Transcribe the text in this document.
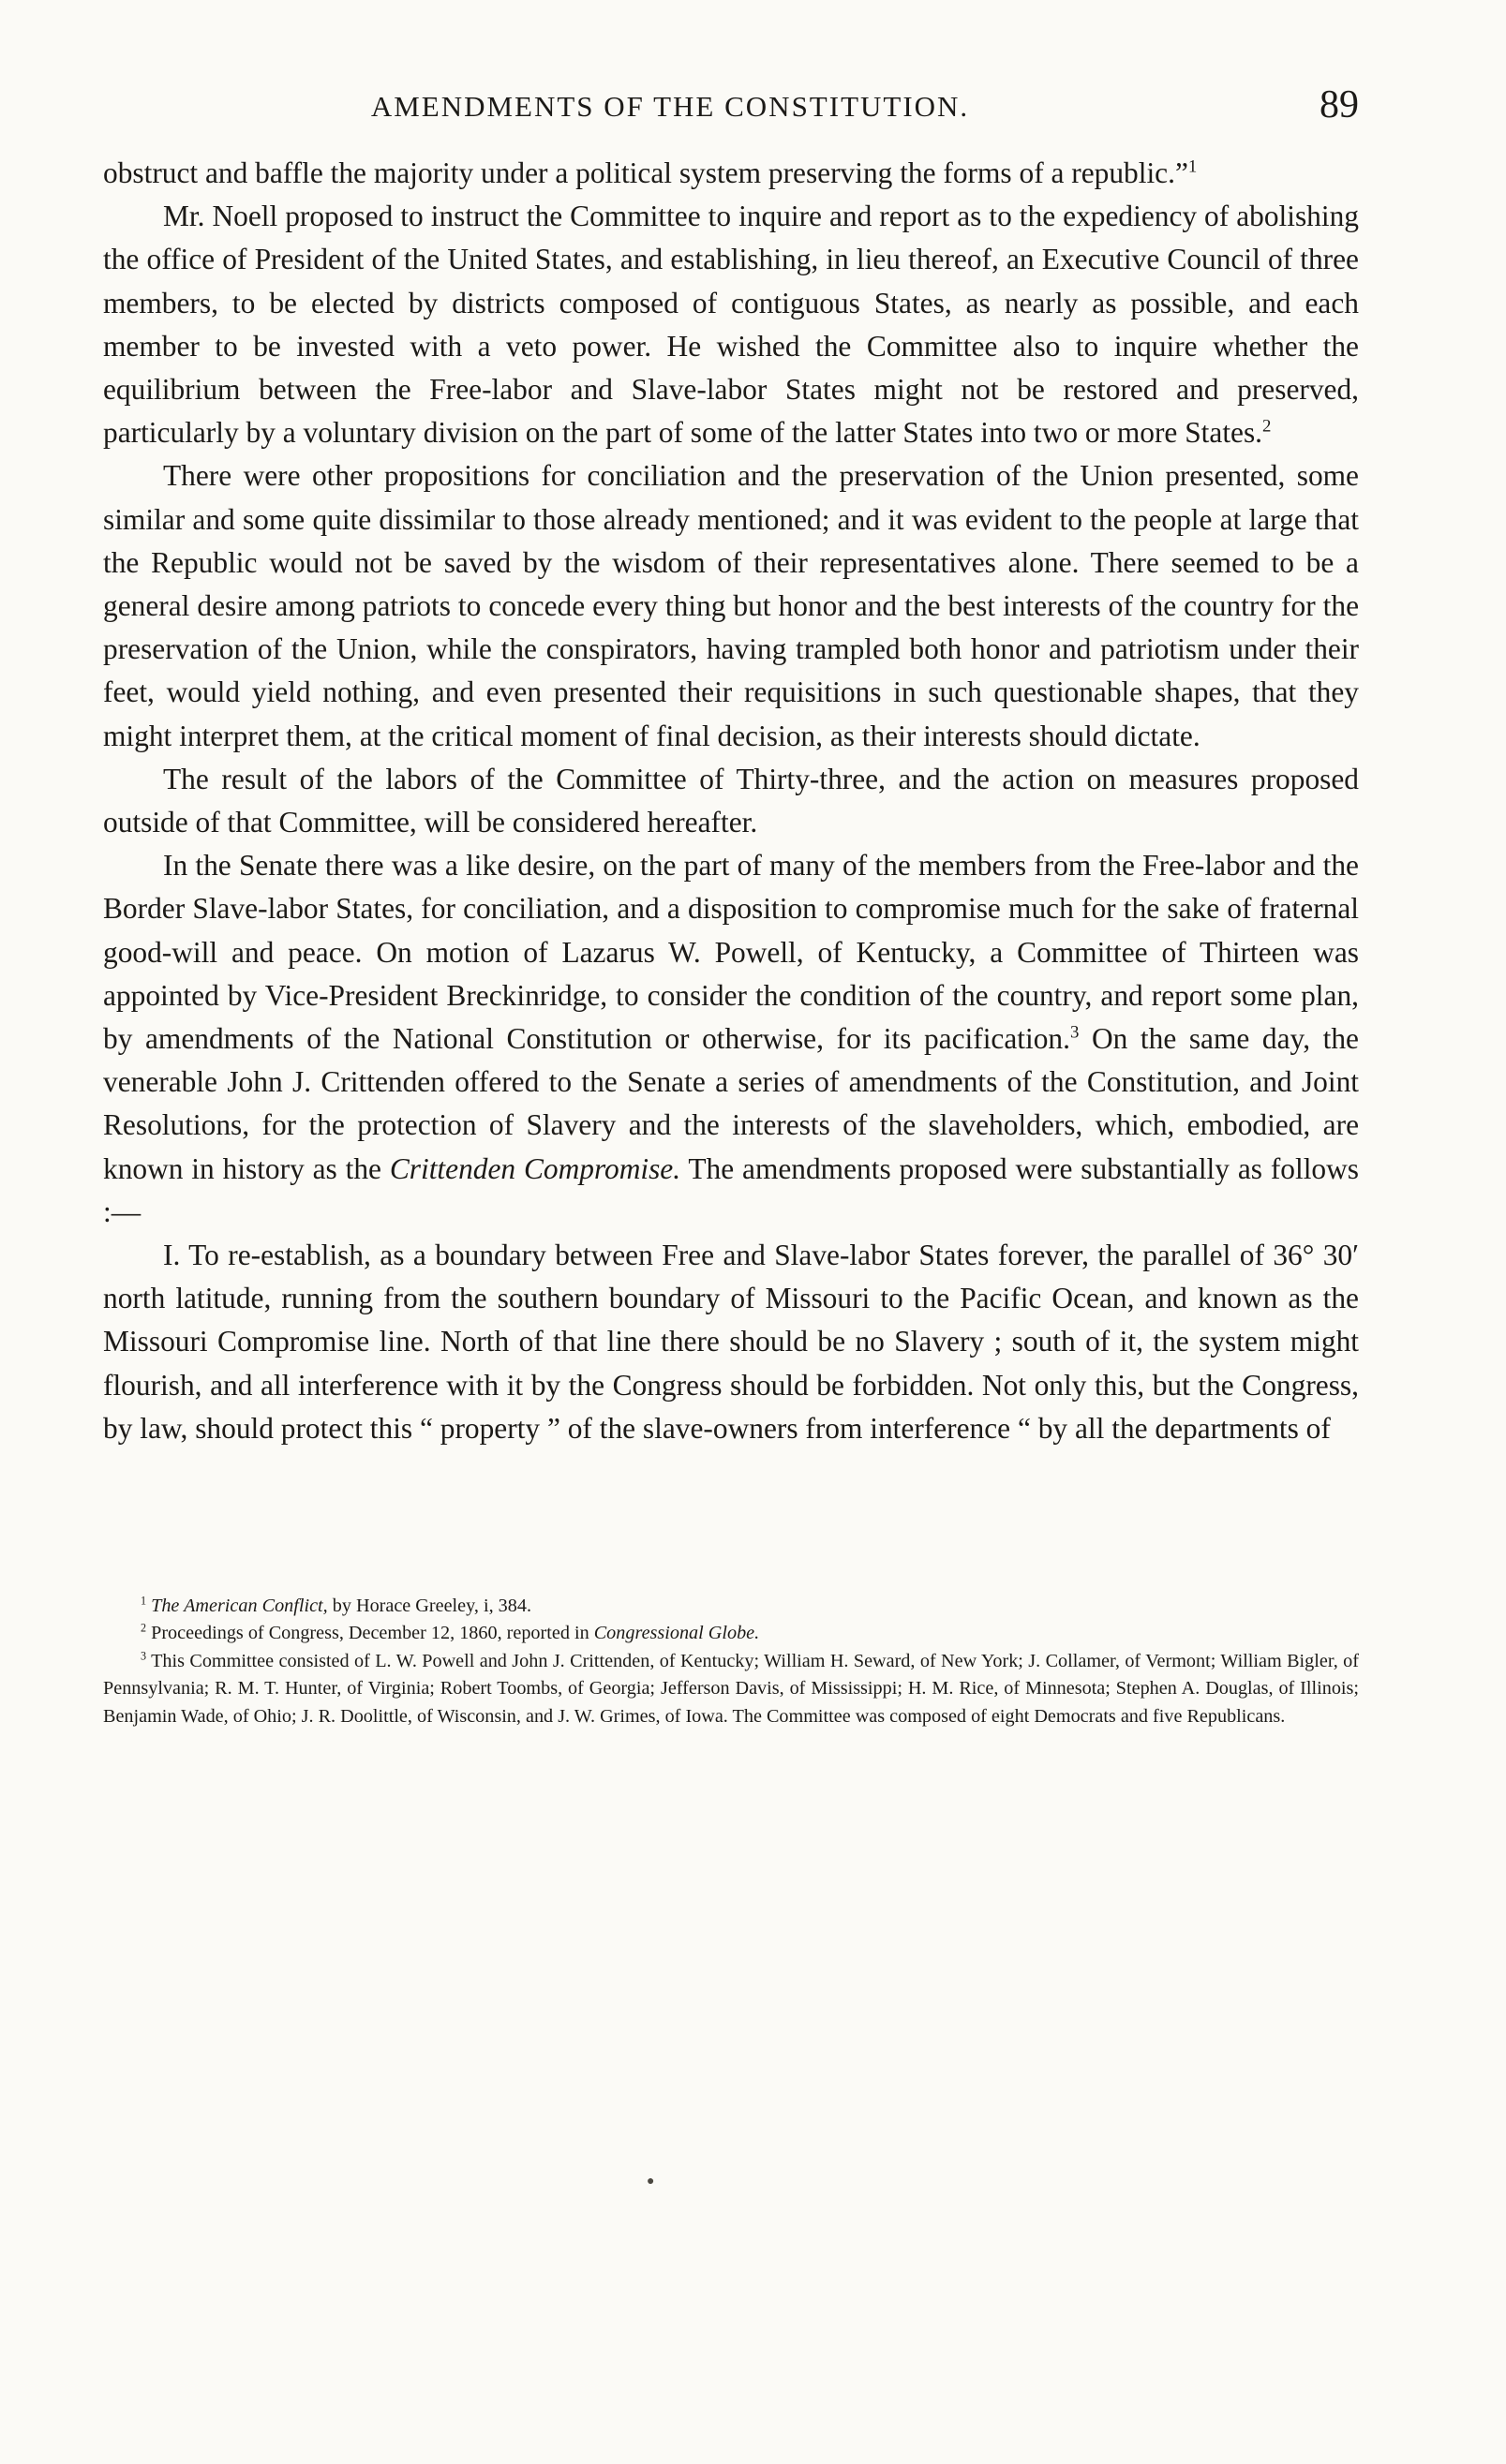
AMENDMENTS OF THE CONSTITUTION.	89

obstruct and baffle the majority under a political system preserving the forms of a republic.”$^1$

Mr. Noell proposed to instruct the Committee to inquire and report as to the expediency of abolishing the office of President of the United States, and establishing, in lieu thereof, an Executive Council of three members, to be elected by districts composed of contiguous States, as nearly as possible, and each member to be invested with a veto power. He wished the Committee also to inquire whether the equilibrium between the Free-labor and Slave-labor States might not be restored and preserved, particularly by a voluntary division on the part of some of the latter States into two or more States.$^2$

There were other propositions for conciliation and the preservation of the Union presented, some similar and some quite dissimilar to those already mentioned; and it was evident to the people at large that the Republic would not be saved by the wisdom of their representatives alone. There seemed to be a general desire among patriots to concede every thing but honor and the best interests of the country for the preservation of the Union, while the conspirators, having trampled both honor and patriotism under their feet, would yield nothing, and even presented their requisitions in such questionable shapes, that they might interpret them, at the critical moment of final decision, as their interests should dictate.

The result of the labors of the Committee of Thirty-three, and the action on measures proposed outside of that Committee, will be considered hereafter.

In the Senate there was a like desire, on the part of many of the members from the Free-labor and the Border Slave-labor States, for conciliation, and a disposition to compromise much for the sake of fraternal good-will and peace. On motion of Lazarus W. Powell, of Kentucky, a Committee of Thirteen was appointed by Vice-President Breckinridge, to consider the condition of the country, and report some plan, by amendments of the National Constitution or otherwise, for its pacification.$^3$ On the same day, the venerable John J. Crittenden offered to the Senate a series of amendments of the Constitution, and Joint Resolutions, for the protection of Slavery and the interests of the slaveholders, which, embodied, are known in history as the Crittenden Compromise. The amendments proposed were substantially as follows :—

I. To re-establish, as a boundary between Free and Slave-labor States forever, the parallel of 36° 30′ north latitude, running from the southern boundary of Missouri to the Pacific Ocean, and known as the Missouri Compromise line. North of that line there should be no Slavery ; south of it, the system might flourish, and all interference with it by the Congress should be forbidden. Not only this, but the Congress, by law, should protect this “ property ” of the slave-owners from interference “ by all the departments of

$^1$ The American Conflict, by Horace Greeley, i, 384.

$^2$ Proceedings of Congress, December 12, 1860, reported in Congressional Globe.

$^3$ This Committee consisted of L. W. Powell and John J. Crittenden, of Kentucky; William H. Seward, of New York; J. Collamer, of Vermont; William Bigler, of Pennsylvania; R. M. T. Hunter, of Virginia; Robert Toombs, of Georgia; Jefferson Davis, of Mississippi; H. M. Rice, of Minnesota; Stephen A. Douglas, of Illinois; Benjamin Wade, of Ohio; J. R. Doolittle, of Wisconsin, and J. W. Grimes, of Iowa. The Committee was composed of eight Democrats and five Republicans.

●
